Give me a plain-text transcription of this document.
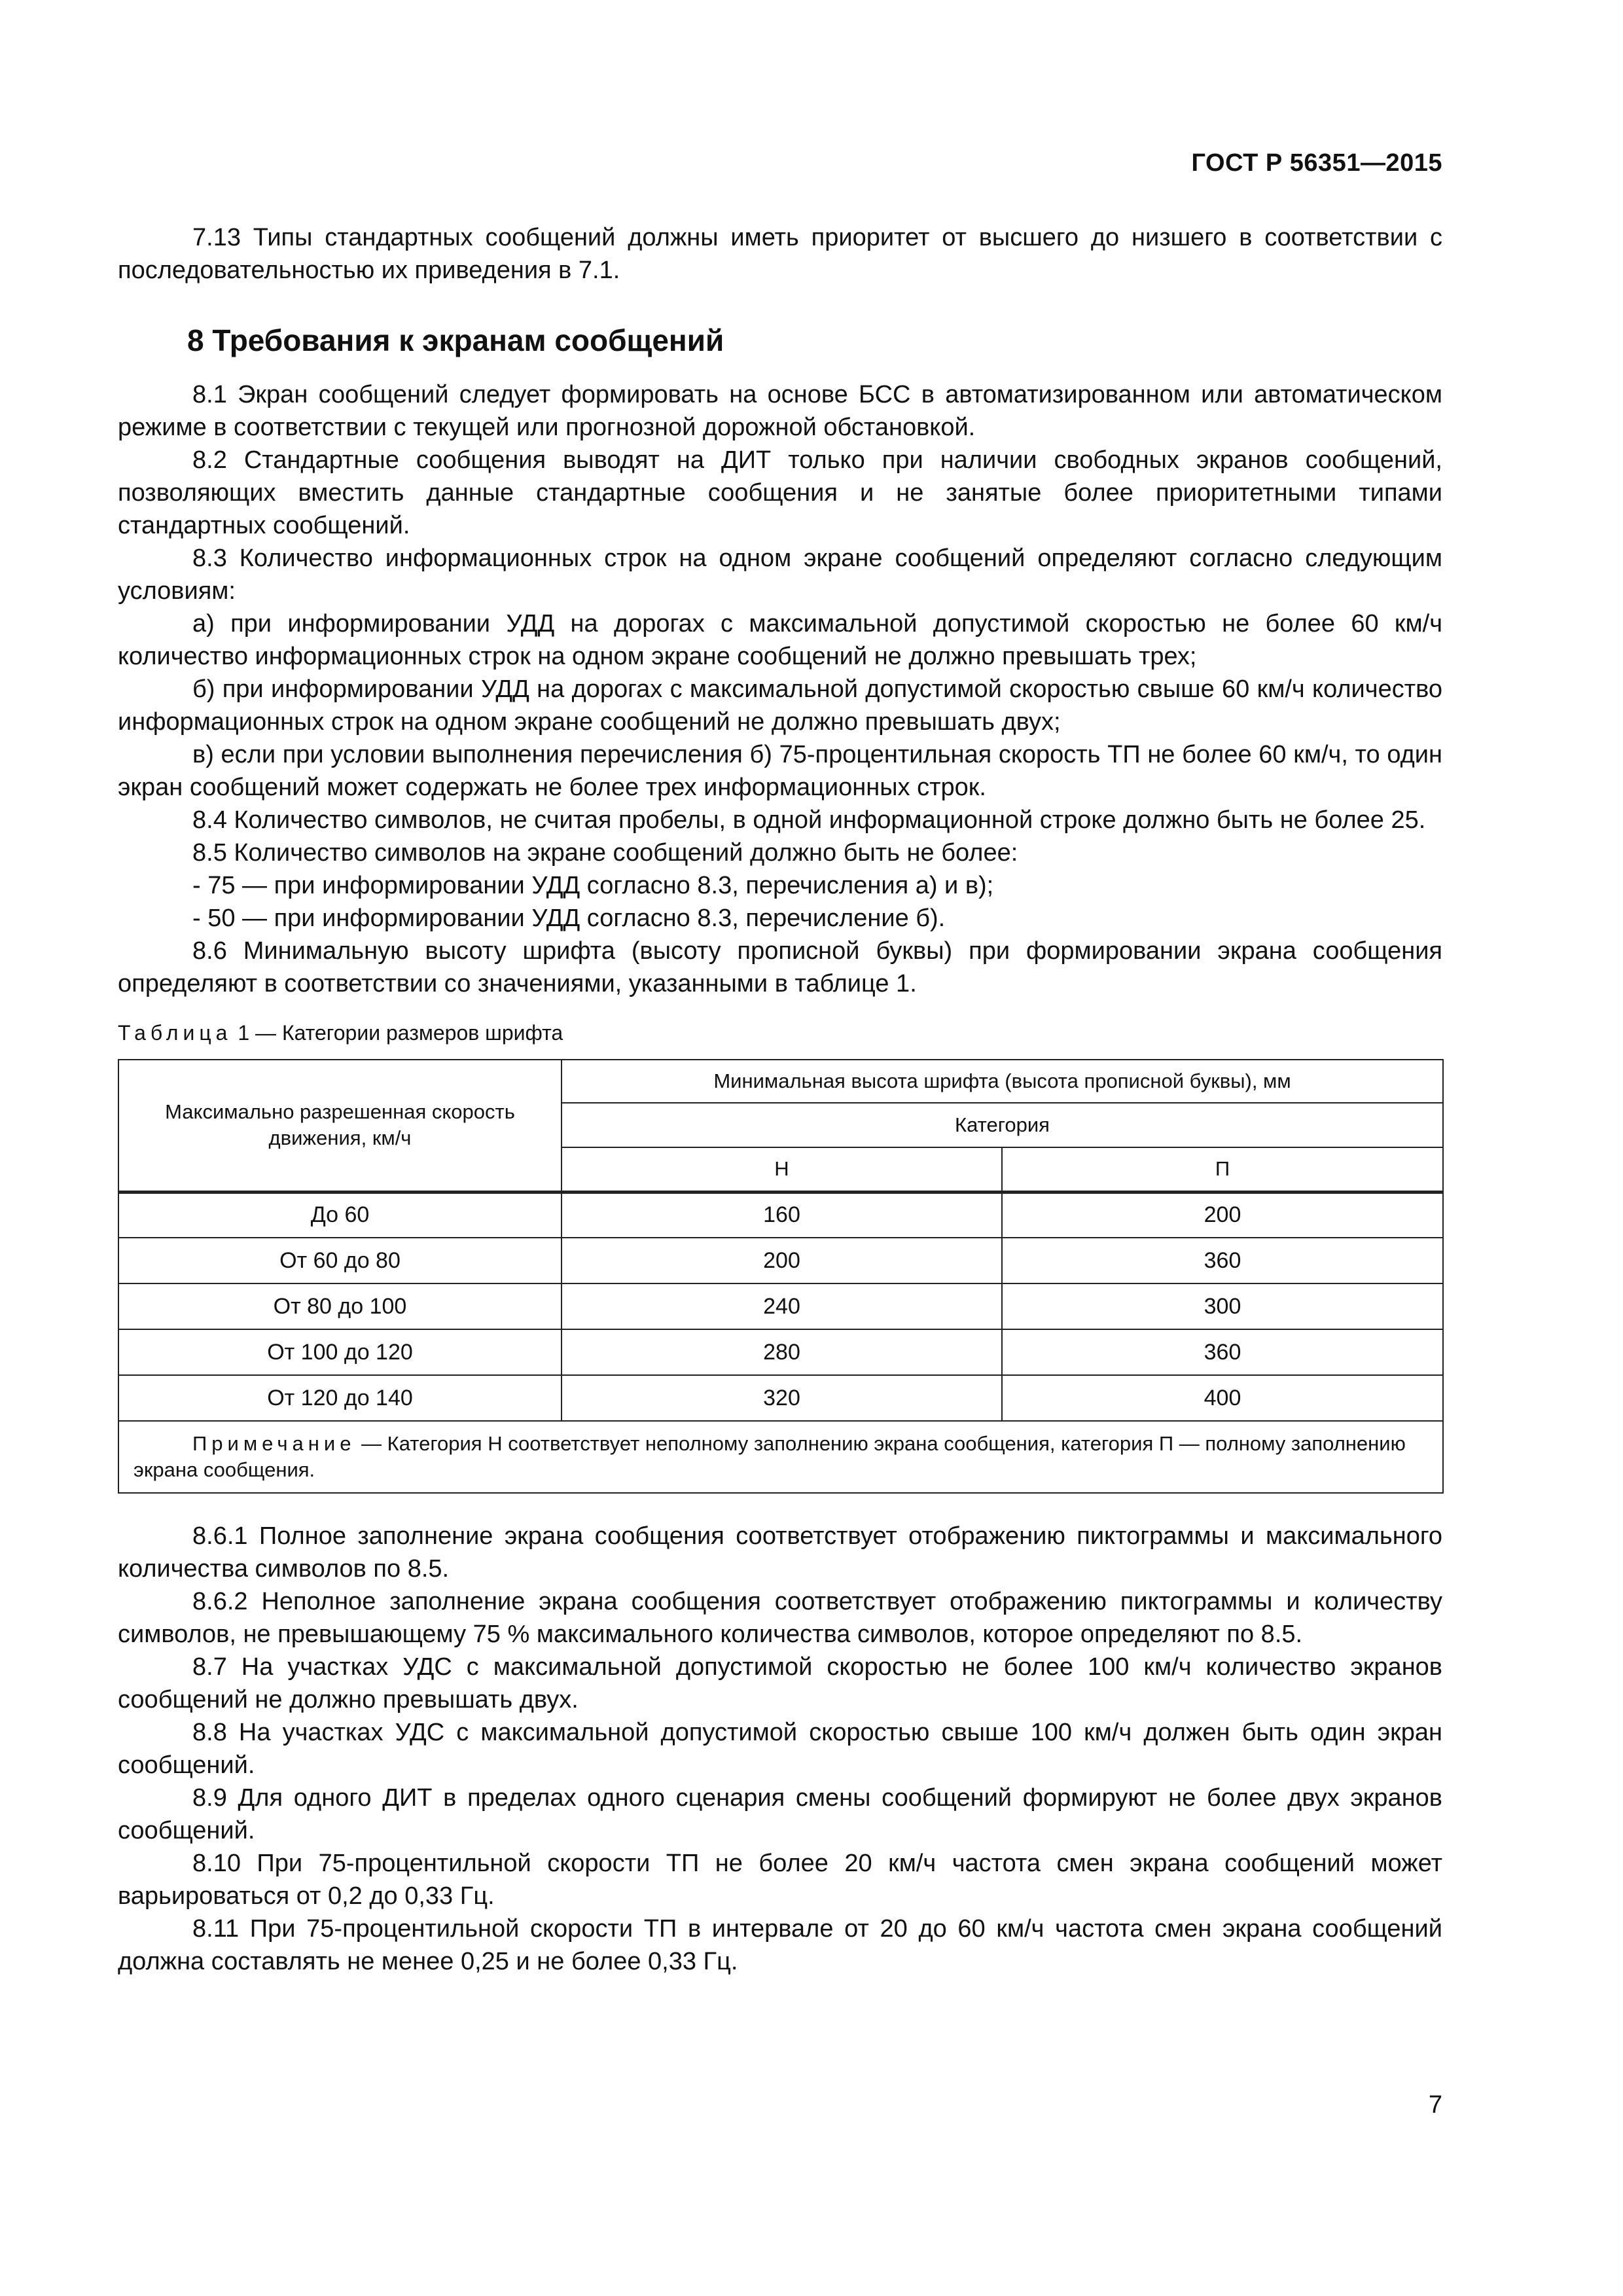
ГОСТ Р 56351—2015

7.13 Типы стандартных сообщений должны иметь приоритет от высшего до низшего в соответствии с последовательностью их приведения в 7.1.

8 Требования к экранам сообщений

8.1 Экран сообщений следует формировать на основе БСС в автоматизированном или автоматическом режиме в соответствии с текущей или прогнозной дорожной обстановкой.

8.2 Стандартные сообщения выводят на ДИТ только при наличии свободных экранов сообщений, позволяющих вместить данные стандартные сообщения и не занятые более приоритетными типами стандартных сообщений.

8.3 Количество информационных строк на одном экране сообщений определяют согласно следующим условиям:

а) при информировании УДД на дорогах с максимальной допустимой скоростью не более 60 км/ч количество информационных строк на одном экране сообщений не должно превышать трех;

б) при информировании УДД на дорогах с максимальной допустимой скоростью свыше 60 км/ч количество информационных строк на одном экране сообщений не должно превышать двух;

в) если при условии выполнения перечисления б) 75-процентильная скорость ТП не более 60 км/ч, то один экран сообщений может содержать не более трех информационных строк.

8.4 Количество символов, не считая пробелы, в одной информационной строке должно быть не более 25.

8.5 Количество символов на экране сообщений должно быть не более:

- 75 — при информировании УДД согласно 8.3, перечисления а) и в);

- 50 — при информировании УДД согласно 8.3, перечисление б).

8.6 Минимальную высоту шрифта (высоту прописной буквы) при формировании экрана сообщения определяют в соответствии со значениями, указанными в таблице 1.

Таблица 1 — Категории размеров шрифта
Максимально разрешенная скорость движения, км/ч	Минимальная высота шрифта (высота прописной буквы), мм	
	Категория	
	Н	П
До 60	160	200
От 60 до 80	200	360
От 80 до 100	240	300
От 100 до 120	280	360
От 120 до 140	320	400
Примечание — Категория Н соответствует неполному заполнению экрана сообщения, категория П — полному заполнению экрана сообщения.		

8.6.1 Полное заполнение экрана сообщения соответствует отображению пиктограммы и максимального количества символов по 8.5.

8.6.2 Неполное заполнение экрана сообщения соответствует отображению пиктограммы и количеству символов, не превышающему 75 % максимального количества символов, которое определяют по 8.5.

8.7 На участках УДС с максимальной допустимой скоростью не более 100 км/ч количество экранов сообщений не должно превышать двух.

8.8 На участках УДС с максимальной допустимой скоростью свыше 100 км/ч должен быть один экран сообщений.

8.9 Для одного ДИТ в пределах одного сценария смены сообщений формируют не более двух экранов сообщений.

8.10 При 75-процентильной скорости ТП не более 20 км/ч частота смен экрана сообщений может варьироваться от 0,2 до 0,33 Гц.

8.11 При 75-процентильной скорости ТП в интервале от 20 до 60 км/ч частота смен экрана сообщений должна составлять не менее 0,25 и не более 0,33 Гц.

7
